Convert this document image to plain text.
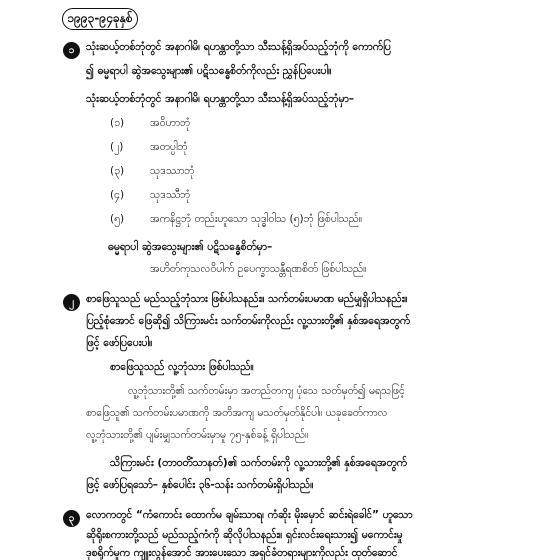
၁၉၉၃-၉၄ခုနှစ်
၁	သုံးဆယ့်တစ်ဘုံတွင် အနာဂါမိ၊ ရဟန္တာတို့သာ သီးသန့်ရှိအပ်သည့်ဘုံကို ကောက်ပြ
၍ ဓမ္မရာပါ ဆွဲအသွေးများ၏ ပဋိသန္ဓေစိတ်ကိုလည်း ညွှန်ပြပေးပါ။
သုံးဆယ့်တစ်ဘုံတွင် အနာဂါမိ၊ ရဟန္တာတို့သာ သီးသန့်ရှိအပ်သည့်ဘုံမှာ–
(၁) အဝိဟာဘုံ
(၂)	အတပ္ပါဘုံ
(၃) သုဒဿာဘုံ
(၄) သုဒဿီဘုံ
(၅) အကနိဋ္ဌဘုံ တည်းဟူသော သုဒ္ဓါဝါသ (၅)ဘုံ ဖြစ်ပါသည်။
ဓမ္မရာပါ ဆွဲအသွေးများ၏ ပဋိသန္ဓေစိတ်မှာ–
အဟိတ်ကုသလဝိပါက် ဥပေက္ခာသန္တီရဏစိတ် ဖြစ်ပါသည်။
၂	စာဖြေသူသည် မည်သည့်ဘုံသား ဖြစ်ပါသနည်း။ သက်တမ်းပမာဏ မည်မျှရှိပါသနည်း။
ပြည့်စုံအောင် ဖြေဆို၍ သိကြားမင်း သက်တမ်းကိုလည်း လူ့သားတို့၏ နှစ်အရေအတွက်
ဖြင့် ဖော်ပြပေးပါ။
စာဖြေသူသည် လူ့ဘုံသား ဖြစ်ပါသည်။
လူ့ဘုံသားတို့၏ သက်တမ်းမှာ အတည်တကျ ပုံသေ သတ်မှတ်၍ မရသဖြင့်
စာဖြေသူ၏ သက်တမ်းပမာဏကို အတိအကျ မသတ်မှတ်နိုင်ပါ။ ယခုခေတ်ကာလ
လူ့ဘုံသားတို့၏ ပျမ်းမျှသက်တမ်းမှာမူ ၇၅-နှစ်ခန့် ရှိပါသည်။
သိကြားမင်း (တာဝတိံသာနတ်)၏ သက်တမ်းကို လူ့သားတို့၏ နှစ်အရေအတွက်
ဖြင့် ဖော်ပြရသော်– နှစ်ပေါင်း ၃၆-သန်း သက်တမ်းရှိပါသည်။
၃	လောကတွင် “ကံကောင်း ထောက်မ ချမ်းသာရ၊ ကံဆိုး မိုးမှောင် ဆင်းရဲခေါင်” ဟူသော
ဆိုရိုးစကားတို့သည် မည်သည့်ကံကို ဆိုလိုပါသနည်း။ ရှင်းလင်းရေးသား၍ မကောင်းမှု
ဒုစရိုက်မှုက ကျူးလွန်အောင် အားပေးသော အရှင်ခံတရားများကိုလည်း ထုတ်ဆောင်
